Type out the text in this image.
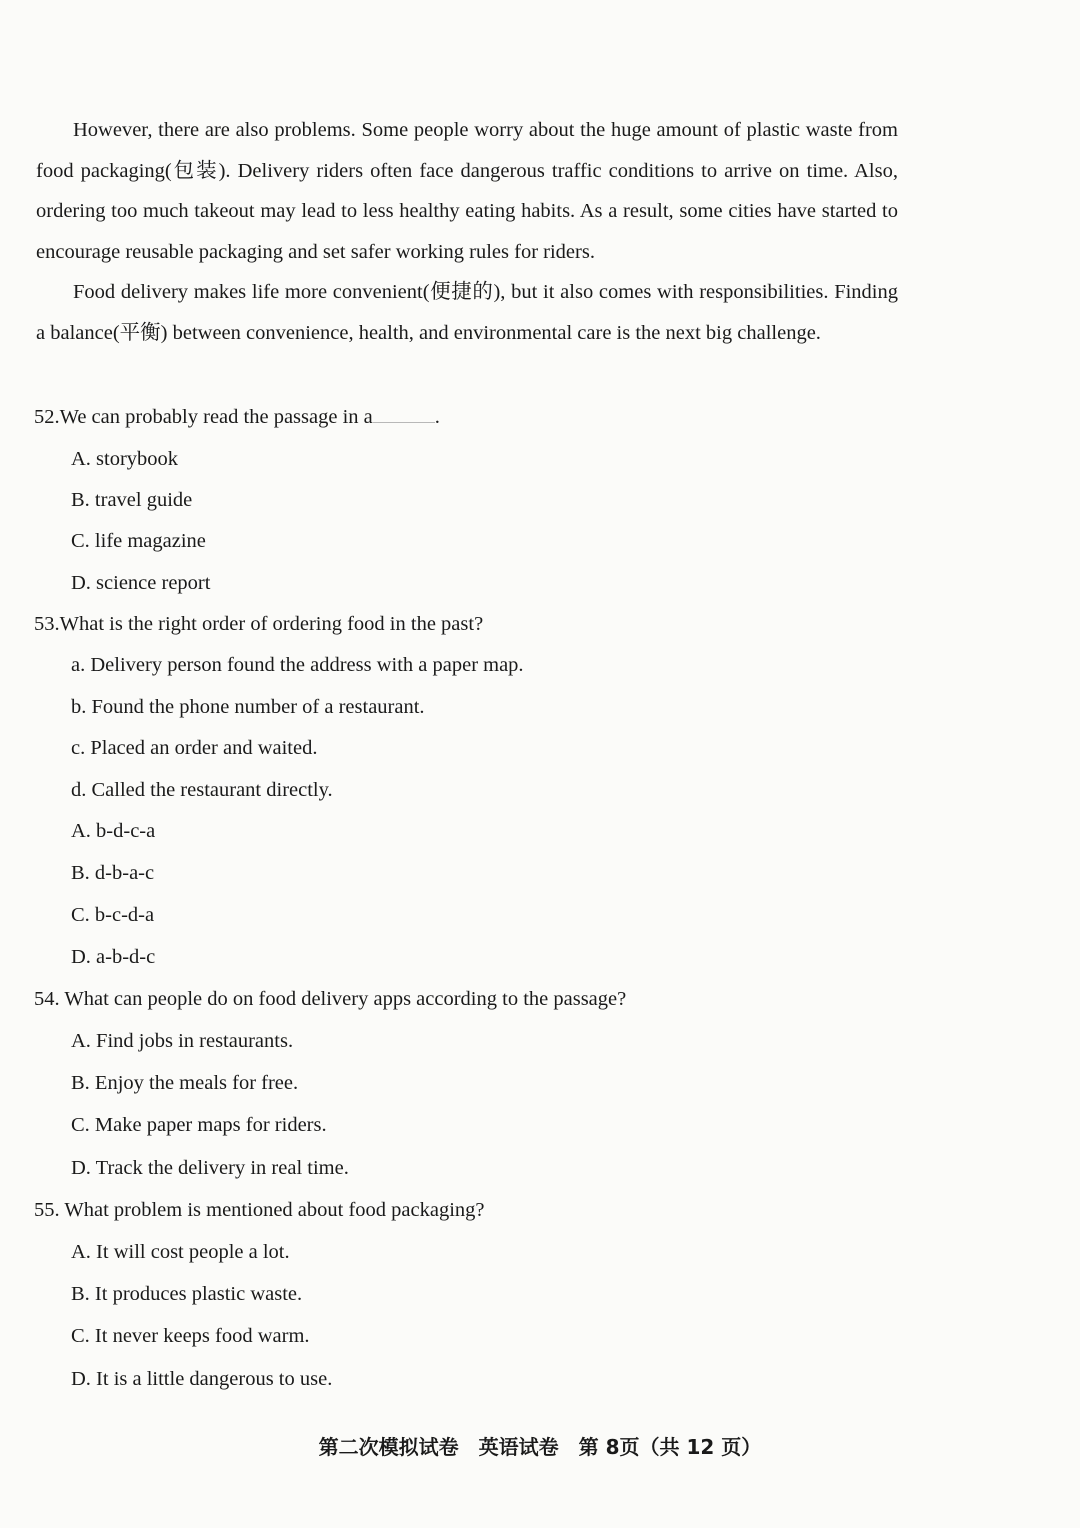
However, there are also problems. Some people worry about the huge amount of plastic waste from food packaging(包装). Delivery riders often face dangerous traffic conditions to arrive on time. Also, ordering too much takeout may lead to less healthy eating habits. As a result, some cities have started to encourage reusable packaging and set safer working rules for riders.

Food delivery makes life more convenient(便捷的), but it also comes with responsibilities. Finding a balance(平衡) between convenience, health, and environmental care is the next big challenge.

52.We can probably read the passage in a	.
A. storybook
B. travel guide
C. life magazine
D. science report
53.What is the right order of ordering food in the past?
a. Delivery person found the address with a paper map.
b. Found the phone number of a restaurant.
c. Placed an order and waited.
d. Called the restaurant directly.
A. b-d-c-a
B. d-b-a-c
C. b-c-d-a
D. a-b-d-c
54. What can people do on food delivery apps according to the passage?
A. Find jobs in restaurants.
B. Enjoy the meals for free.
C. Make paper maps for riders.
D. Track the delivery in real time.
55. What problem is mentioned about food packaging?
A. It will cost people a lot.
B. It produces plastic waste.
C. It never keeps food warm.
D. It is a little dangerous to use.
第二次模拟试卷 英语试卷 第 8页（共 12 页）
